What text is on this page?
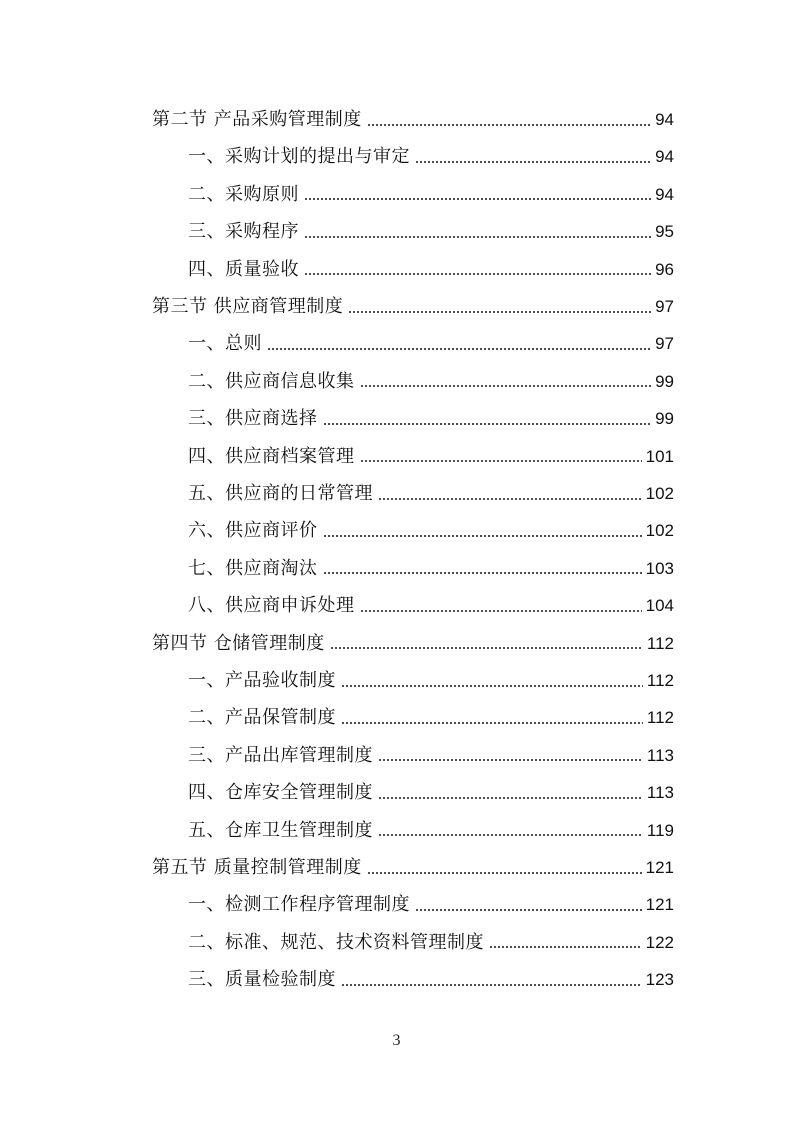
第二节 产品采购管理制度	94
一、采购计划的提出与审定	94
二、采购原则	94
三、采购程序	95
四、质量验收	96
第三节 供应商管理制度	97
一、总则	97
二、供应商信息收集	99
三、供应商选择	99
四、供应商档案管理	101
五、供应商的日常管理	102
六、供应商评价	102
七、供应商淘汰	103
八、供应商申诉处理	104
第四节 仓储管理制度	112
一、产品验收制度	112
二、产品保管制度	112
三、产品出库管理制度	113
四、仓库安全管理制度	113
五、仓库卫生管理制度	119
第五节 质量控制管理制度	121
一、检测工作程序管理制度	121
二、标准、规范、技术资料管理制度	122
三、质量检验制度	123
3
